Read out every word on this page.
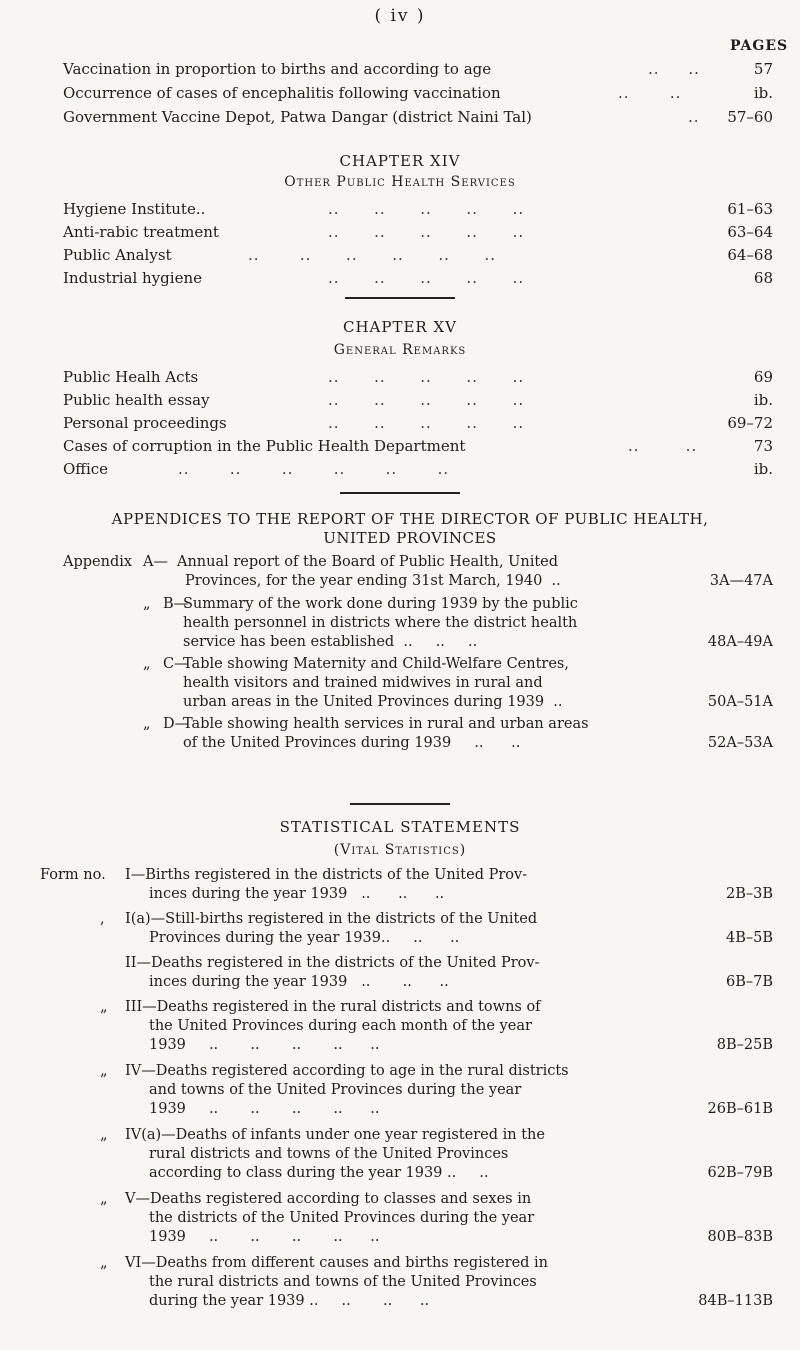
( iv )
PAGES
Vaccination in proportion to births and according to age	..     ..	57
Occurrence of cases of encephalitis following vaccination	..       ..	ib.
Government Vaccine Depot, Patwa Dangar (district Naini Tal)	.. 57–60
CHAPTER XIV
Other Public Health Services
Hygiene Institute..	..      ..      ..      ..      ..	61–63
Anti-rabic treatment	..      ..      ..      ..      ..	63–64
Public Analyst	..       ..      ..      ..      ..      ..	64–68
Industrial hygiene	..      ..      ..      ..      ..	68
CHAPTER XV
General Remarks
Public Healh Acts	..      ..      ..      ..      ..	69
Public health essay	..      ..      ..      ..      ..	ib.
Personal proceedings	..      ..      ..      ..      ..	69–72
Cases of corruption in the Public Health Department	..        ..	73
Office	..       ..       ..       ..       ..       ..	ib.
APPENDICES TO THE REPORT OF THE DIRECTOR OF PUBLIC HEALTH,
UNITED PROVINCES
Appendix A— Annual report of the Board of Public Health, United
Provinces, for the year ending 31st March, 1940  ..	3A—47A
„ B—
Summary of the work done during 1939 by the public
health personnel in districts where the district health
service has been established  ..     ..     ..	48A–49A
„ C—
Table showing Maternity and Child-Welfare Centres,
health visitors and trained midwives in rural and
urban areas in the United Provinces during 1939  ..	50A–51A
„ D—
Table showing health services in rural and urban areas
of the United Provinces during 1939     ..      ..	52A–53A
STATISTICAL STATEMENTS
(Vital Statistics)
Form no. I—Births registered in the districts of the United Prov-
inces during the year 1939   ..      ..      ..	2B–3B
, I(a)—Still-births registered in the districts of the United
Provinces during the year 1939..     ..      ..	4B–5B
II—Deaths registered in the districts of the United Prov-
inces during the year 1939   ..       ..      ..	6B–7B
„ III—Deaths registered in the rural districts and towns of
the United Provinces during each month of the year
1939     ..       ..       ..       ..      ..	8B–25B
„ IV—Deaths registered according to age in the rural districts
and towns of the United Provinces during the year
1939     ..       ..       ..       ..      ..	26B–61B
„ IV(a)—Deaths of infants under one year registered in the
rural districts and towns of the United Provinces
according to class during the year 1939 ..     ..	62B–79B
„ V—Deaths registered according to classes and sexes in
the districts of the United Provinces during the year
1939     ..       ..       ..       ..      ..	80B–83B
„ VI—Deaths from different causes and births registered in
the rural districts and towns of the United Provinces
during the year 1939 ..     ..       ..      ..	84B–113B
